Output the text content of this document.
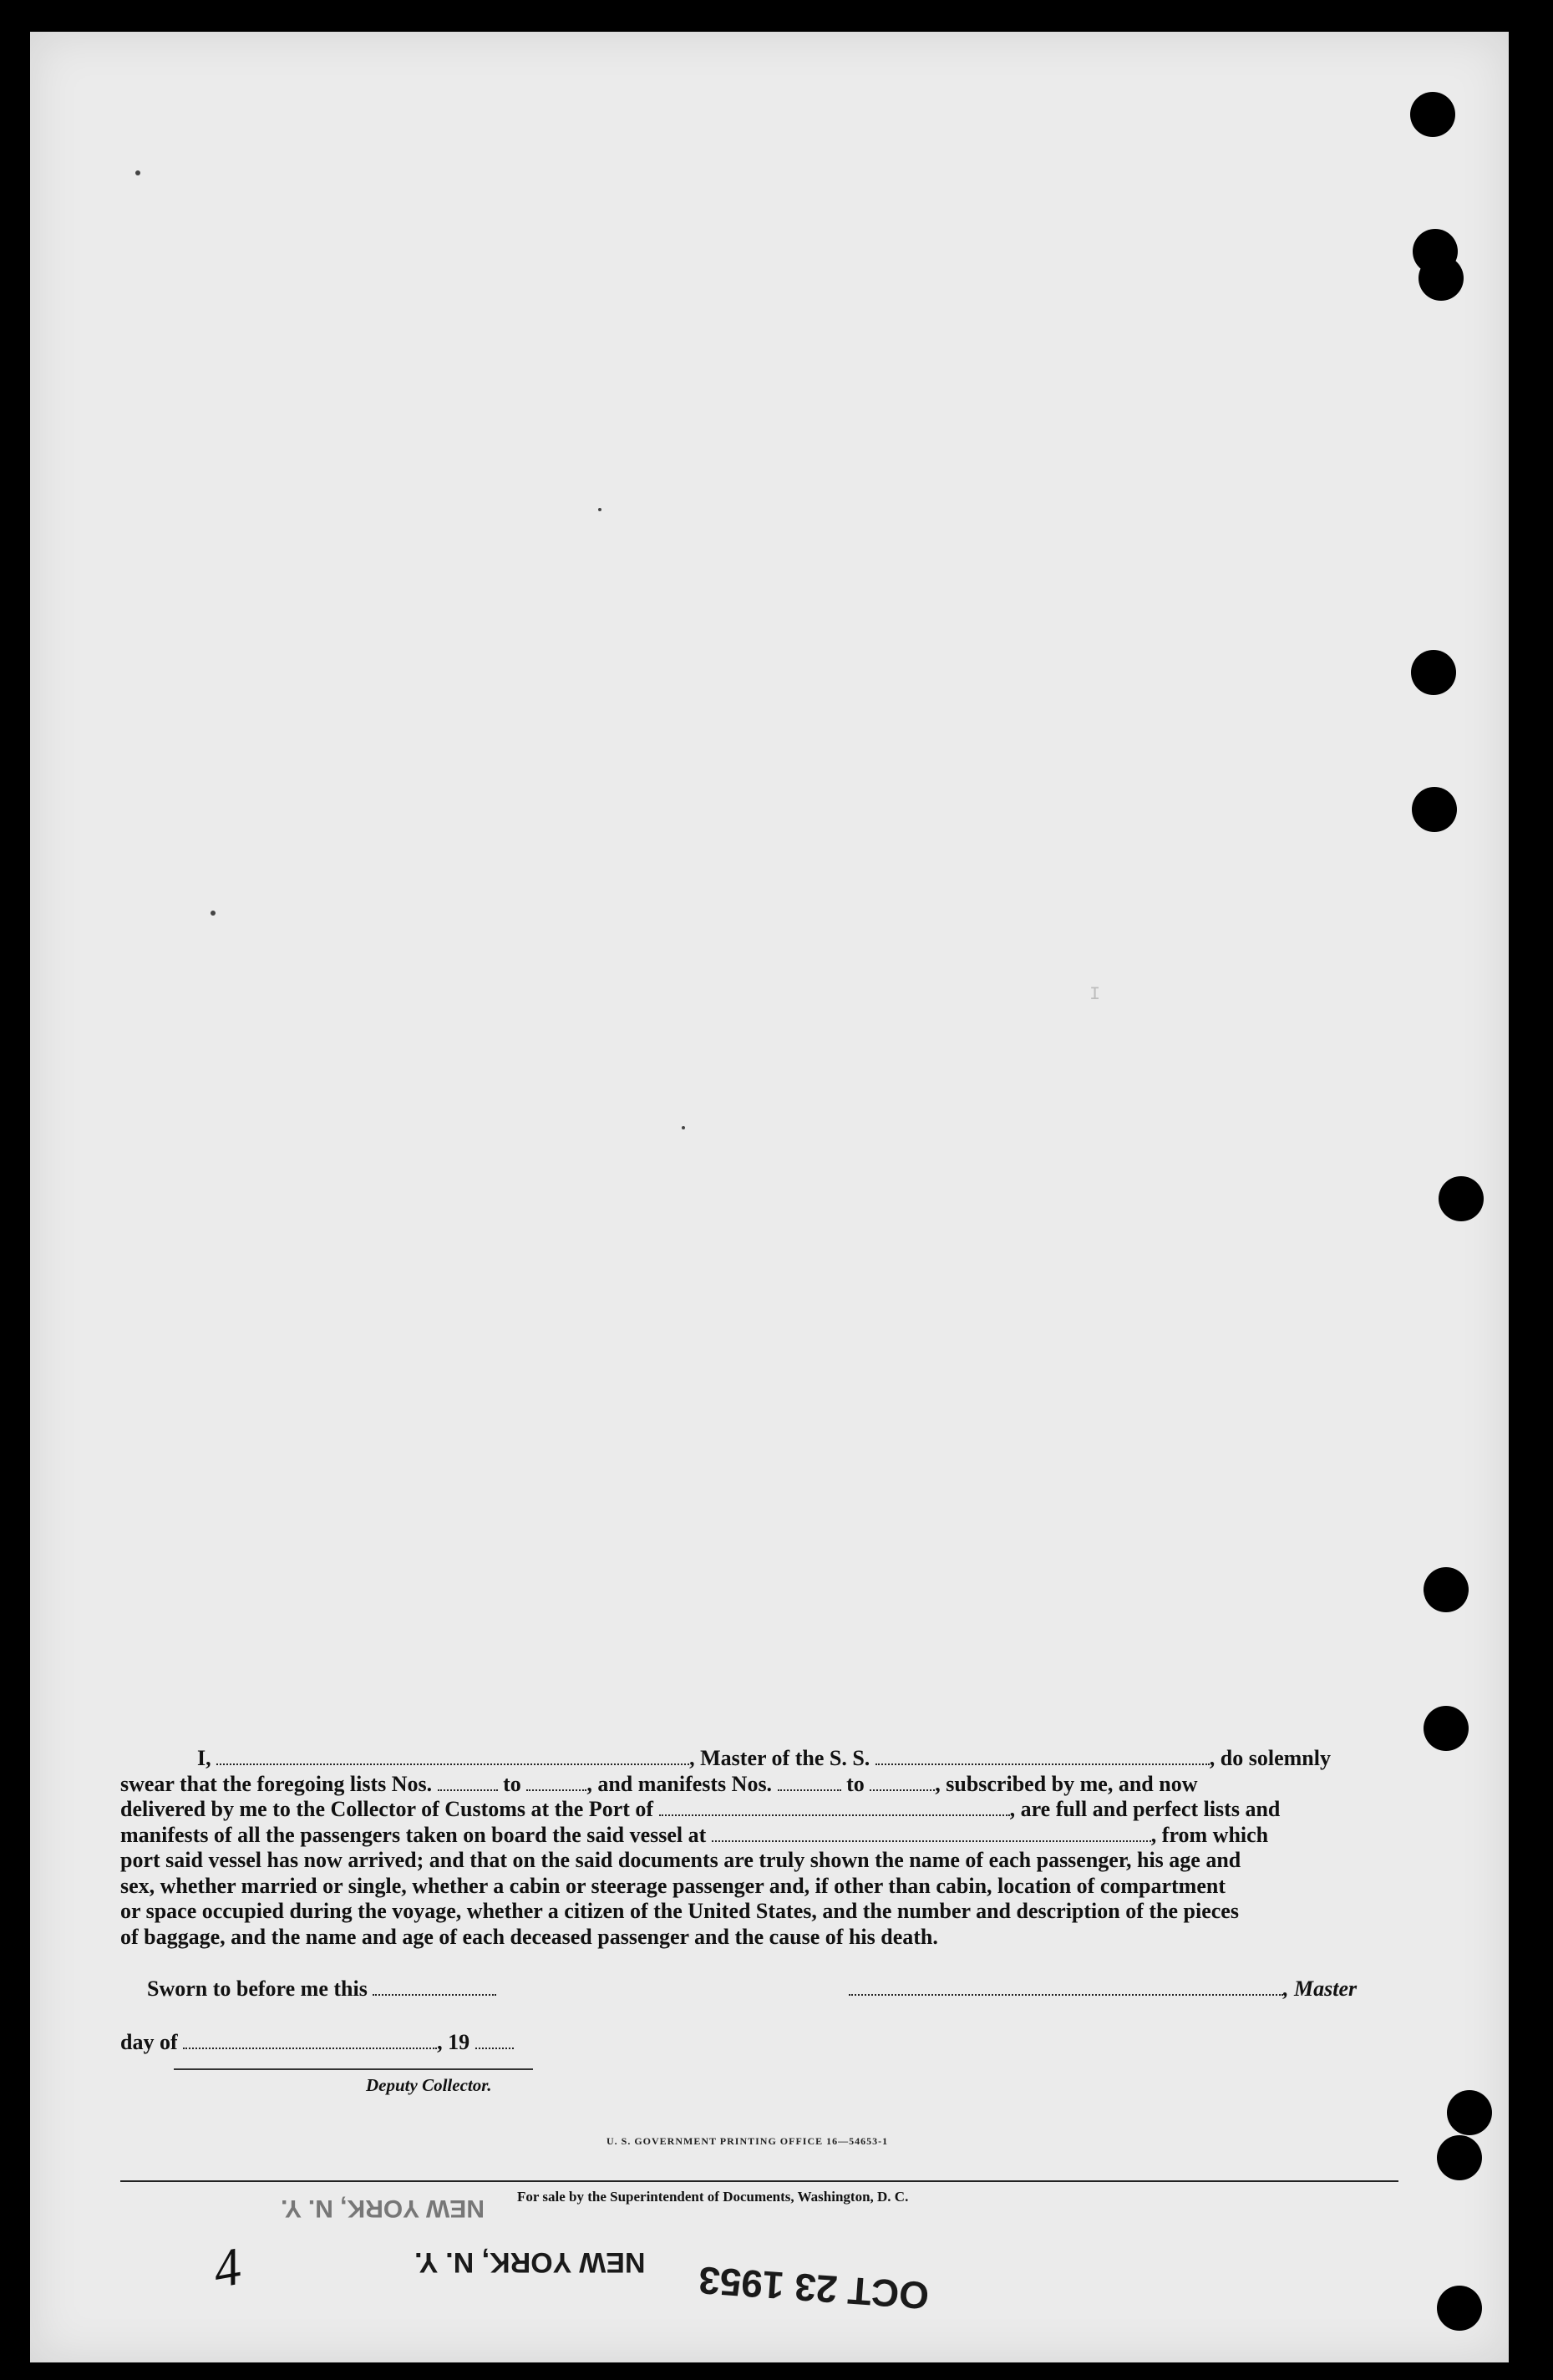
I
I,	, Master of the S. S.	, do solemnly
swear that the foregoing lists Nos.	to	, and manifests Nos.	to	, subscribed by me, and now
delivered by me to the Collector of Customs at the Port of	, are full and perfect lists and
manifests of all the passengers taken on board the said vessel at	, from which
port said vessel has now arrived; and that on the said documents are truly shown the name of each passenger, his age and
sex, whether married or single, whether a cabin or steerage passenger and, if other than cabin, location of compartment
or space occupied during the voyage, whether a citizen of the United States, and the number and description of the pieces
of baggage, and the name and age of each deceased passenger and the cause of his death.
Sworn to before me this	, Master
day of	, 19
Deputy Collector.
U. S. GOVERNMENT PRINTING OFFICE 16—54653-1
For sale by the Superintendent of Documents, Washington, D. C.
4
NEW YORK, N. Y.
NEW YORK, N. Y. OCT 23 1953
